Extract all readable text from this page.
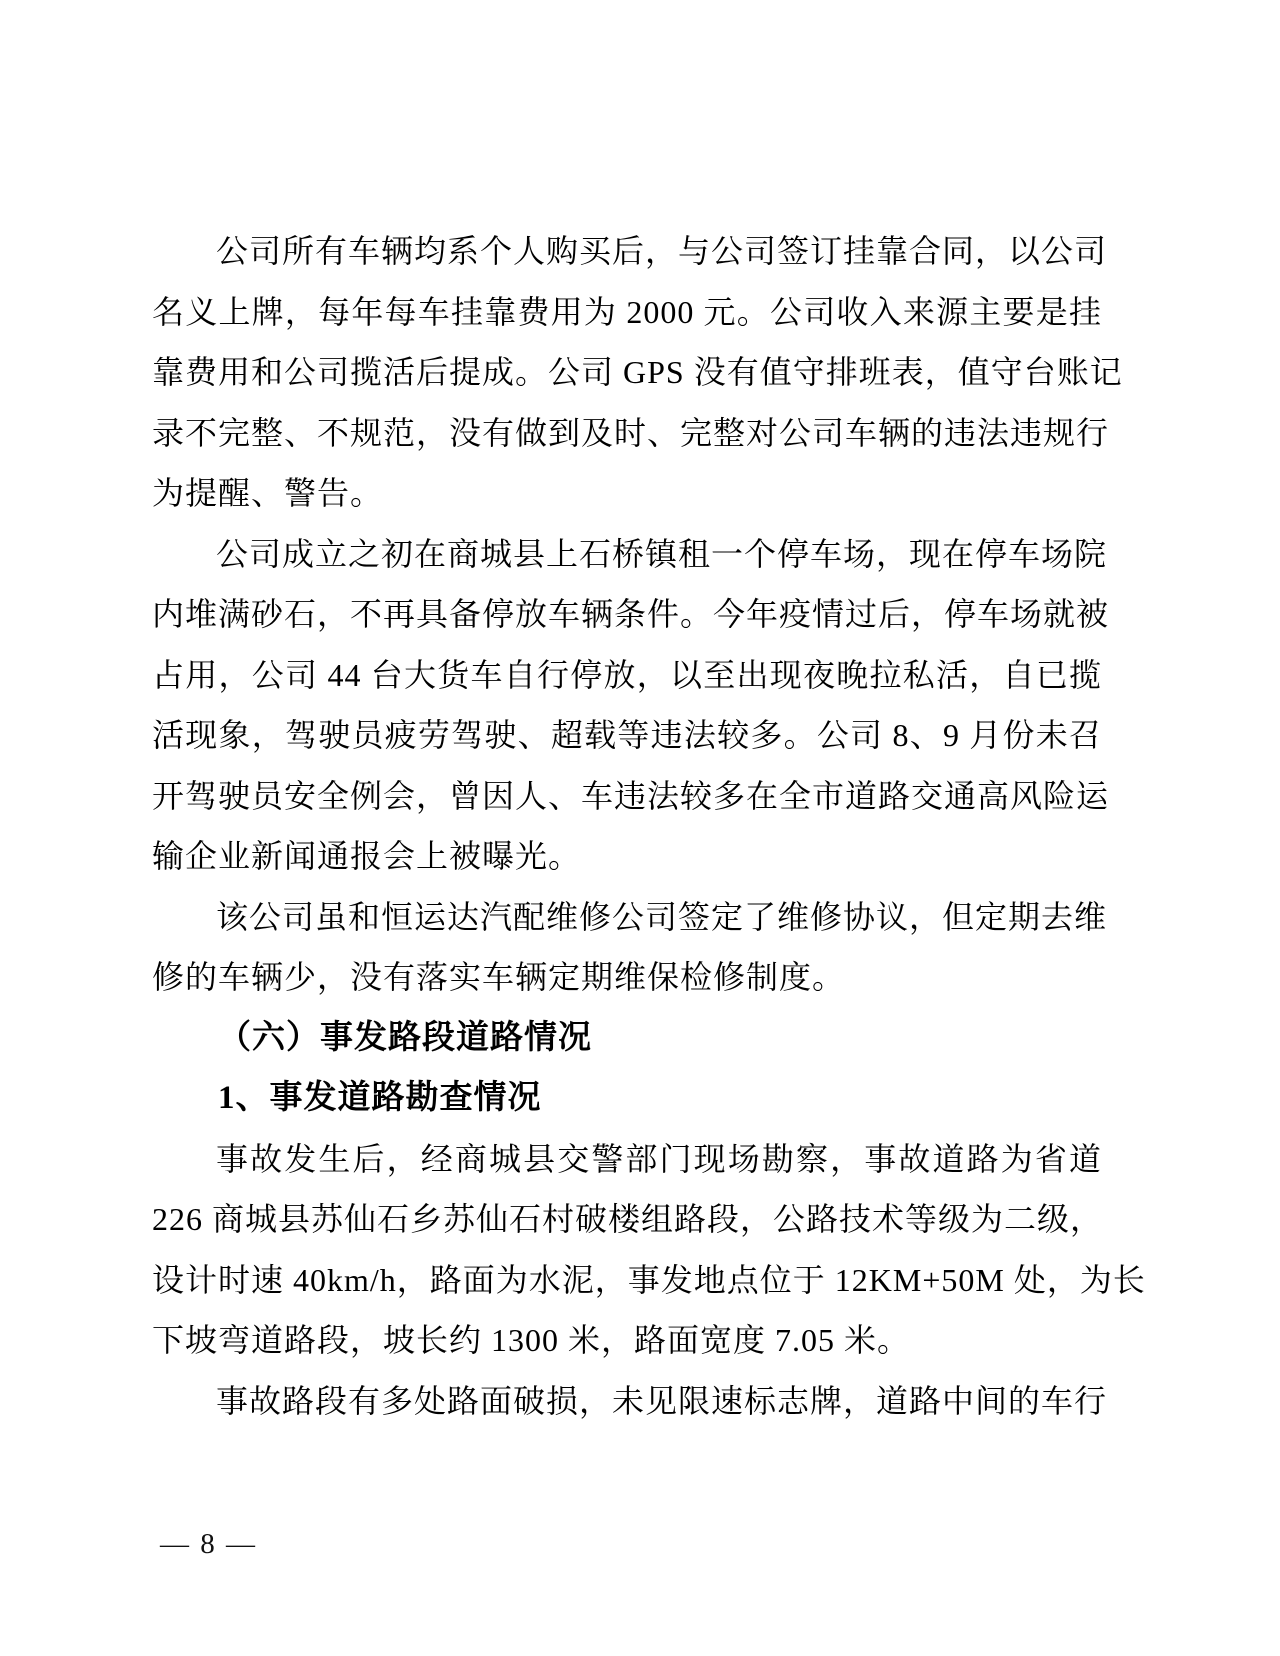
公司所有车辆均系个人购买后，与公司签订挂靠合同，以公司
名义上牌，每年每车挂靠费用为 2000 元。公司收入来源主要是挂
靠费用和公司揽活后提成。公司 GPS 没有值守排班表，值守台账记
录不完整、不规范，没有做到及时、完整对公司车辆的违法违规行
为提醒、警告。
公司成立之初在商城县上石桥镇租一个停车场，现在停车场院
内堆满砂石，不再具备停放车辆条件。今年疫情过后，停车场就被
占用，公司 44 台大货车自行停放，以至出现夜晚拉私活，自已揽
活现象，驾驶员疲劳驾驶、超载等违法较多。公司 8、9 月份未召
开驾驶员安全例会，曾因人、车违法较多在全市道路交通高风险运
输企业新闻通报会上被曝光。
该公司虽和恒运达汽配维修公司签定了维修协议，但定期去维
修的车辆少，没有落实车辆定期维保检修制度。
（六）事发路段道路情况
1、事发道路勘查情况
事故发生后，经商城县交警部门现场勘察，事故道路为省道
226 商城县苏仙石乡苏仙石村破楼组路段，公路技术等级为二级，
设计时速 40km/h，路面为水泥，事发地点位于 12KM+50M 处，为长
下坡弯道路段，坡长约 1300 米，路面宽度 7.05 米。
事故路段有多处路面破损，未见限速标志牌，道路中间的车行
— 8 —
